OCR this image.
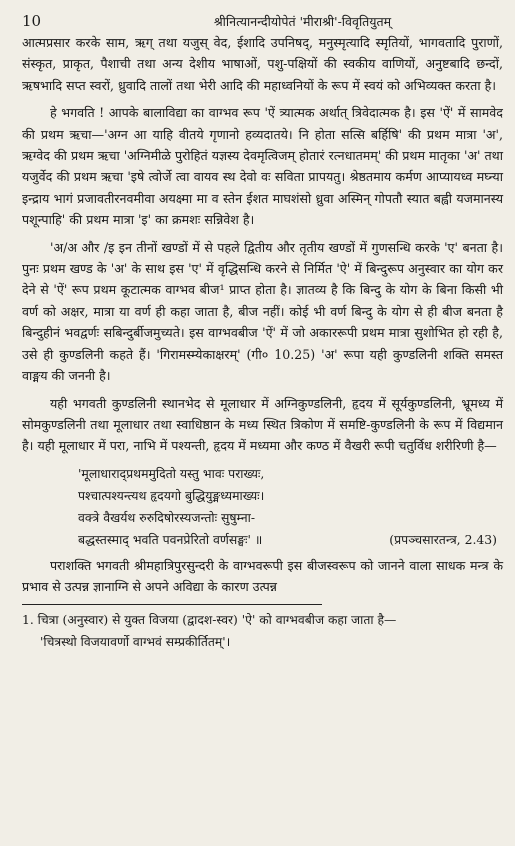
10	श्रीनित्यानन्दीयोपेतं 'मीराश्री'-विवृतियुतम्

आत्मप्रसार करके साम, ऋग् तथा यजुस् वेद, ईशादि उपनिषद्, मनुस्मृत्यादि स्मृतियों, भागवतादि पुराणों, संस्कृत, प्राकृत, पैशाची तथा अन्य देशीय भाषाओं, पशु-पक्षियों की स्वकीय वाणियों, अनुष्टबादि छन्दों, ऋषभादि सप्त स्वरों, ध्रुवादि तालों तथा भेरी आदि की महाध्वनियों के रूप में स्वयं को अभिव्यक्त करता है।

हे भगवति ! आपके बालाविद्या का वाग्भव रूप 'ऐं त्र्यात्मक अर्थात् त्रिवेदात्मक है। इस 'ऐं' में सामवेद की प्रथम ऋचा—'अग्न आ याहि वीतये गृणानो हव्यदातये। नि होता सत्सि बर्हिषि' की प्रथम मात्रा 'अ', ऋग्वेद की प्रथम ऋचा 'अग्निमीळे पुरोहितं यज्ञस्य देवमृत्विजम् होतारं रत्नधातमम्' की प्रथम मातृका 'अ' तथा यजुर्वेद की प्रथम ऋचा 'इषे त्वोर्जे त्वा वायव स्थ देवो वः सविता प्रापयतु। श्रेष्ठतमाय कर्मण आप्यायध्व मघ्न्या इन्द्राय भागं प्रजावतीरनवमीवा अयक्ष्मा मा व स्तेन ईशत माघशंसो ध्रुवा अस्मिन् गोपतौ स्यात बह्वी यजमानस्य पशून्पाहि' की प्रथम मात्रा 'इ' का क्रमशः सन्निवेश है।

'अ/अ और /इ इन तीनों खण्डों में से पहले द्वितीय और तृतीय खण्डों में गुणसन्धि करके 'ए' बनता है। पुनः प्रथम खण्ड के 'अ' के साथ इस 'ए' में वृद्धिसन्धि करने से निर्मित 'ऐ' में बिन्दुरूप अनुस्वार का योग कर देने से 'ऐं' रूप प्रथम कूटात्मक वाग्भव बीज¹ प्राप्त होता है। ज्ञातव्य है कि बिन्दु के योग के बिना किसी भी वर्ण को अक्षर, मात्रा या वर्ण ही कहा जाता है, बीज नहीं। कोई भी वर्ण बिन्दु के योग से ही बीज बनता है बिन्दुहीनं भवद्वर्णः सबिन्दुर्बीजमुच्यते। इस वाग्भवबीज 'ऐं' में जो अकाररूपी प्रथम मात्रा सुशोभित हो रही है, उसे ही कुण्डलिनी कहते हैं। 'गिरामस्म्येकाक्षरम्' (गी० 10.25) 'अ' रूपा यही कुण्डलिनी शक्ति समस्त वाङ्मय की जननी है।

यही भगवती कुण्डलिनी स्थानभेद से मूलाधार में अग्निकुण्डलिनी, हृदय में सूर्यकुण्डलिनी, भ्रूमध्य में सोमकुण्डलिनी तथा मूलाधार तथा स्वाधिष्ठान के मध्य स्थित त्रिकोण में समष्टि-कुण्डलिनी के रूप में विद्यमान है। यही मूलाधार में परा, नाभि में पश्यन्ती, हृदय में मध्यमा और कण्ठ में वैखरी रूपी चतुर्विध शरीरिणी है—

'मूलाधाराद्प्रथममुदितो यस्तु भावः पराख्यः,
पश्चात्पश्यन्त्यथ हृदयगो बुद्धियुङ्मध्यमाख्यः।
वक्त्रे वैखर्यथ रुरुदिषोरस्यजन्तोः सुषुम्ना-
बद्धस्तस्माद् भवति पवनप्रेरितो वर्णसङ्घः' ॥	(प्रपञ्चसारतन्त्र, 2.43)

पराशक्ति भगवती श्रीमहात्रिपुरसुन्दरी के वाग्भवरूपी इस बीजस्वरूप को जानने वाला साधक मन्त्र के प्रभाव से उत्पन्न ज्ञानाग्नि से अपने अविद्या के कारण उत्पन्न

1. चित्रा (अनुस्वार) से युक्त विजया (द्वादश-स्वर) 'ऐ' को वाग्भवबीज कहा जाता है—
'चित्रस्थो विजयावर्णो वाग्भवं सम्प्रकीर्तितम्'।
